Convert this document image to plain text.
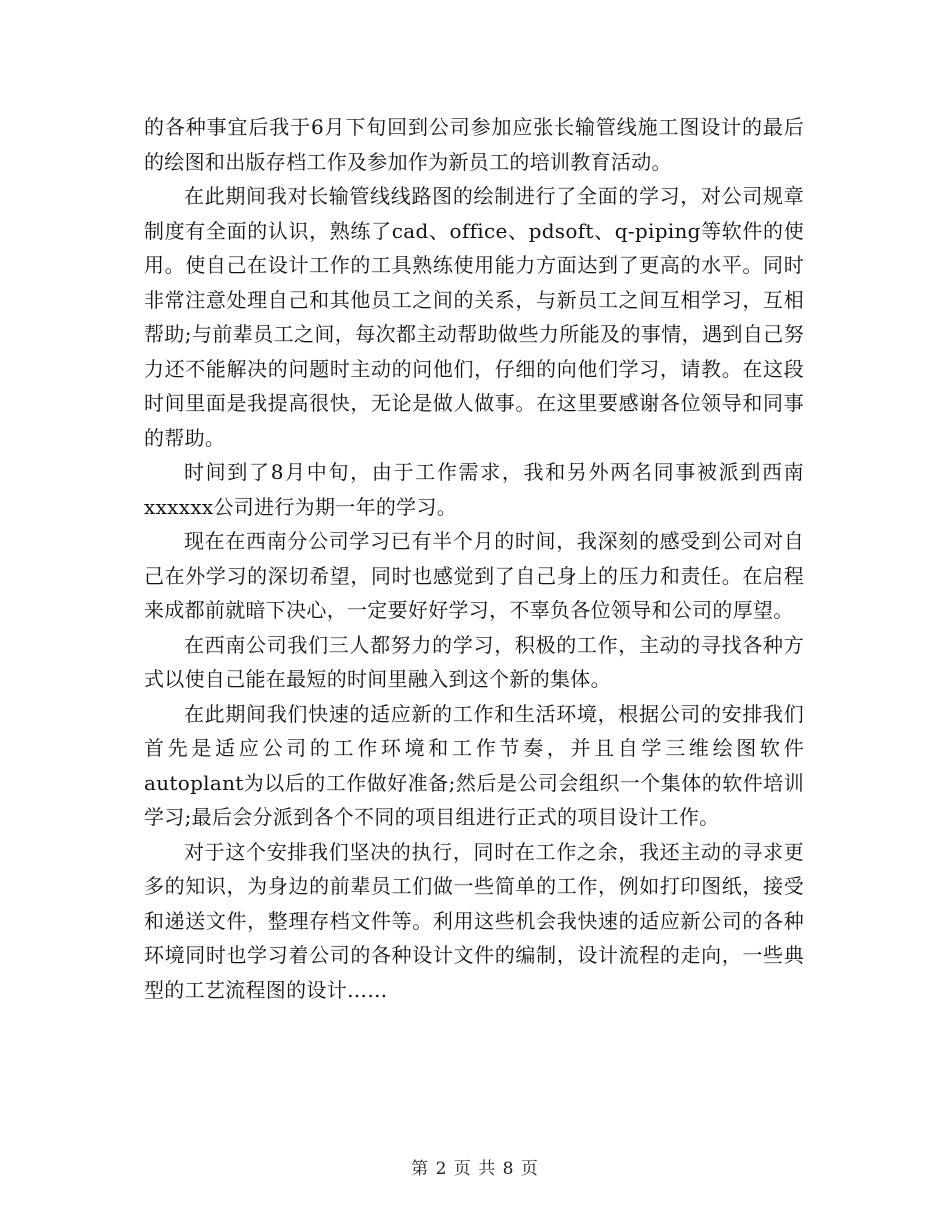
的各种事宜后我于6月下旬回到公司参加应张长输管线施工图设计的最后的绘图和出版存档工作及参加作为新员工的培训教育活动。

在此期间我对长输管线线路图的绘制进行了全面的学习，对公司规章制度有全面的认识，熟练了cad、office、pdsoft、q-piping等软件的使用。使自己在设计工作的工具熟练使用能力方面达到了更高的水平。同时非常注意处理自己和其他员工之间的关系，与新员工之间互相学习，互相帮助;与前辈员工之间，每次都主动帮助做些力所能及的事情，遇到自己努力还不能解决的问题时主动的问他们，仔细的向他们学习，请教。在这段时间里面是我提高很快，无论是做人做事。在这里要感谢各位领导和同事的帮助。

时间到了8月中旬，由于工作需求，我和另外两名同事被派到西南xxxxxx公司进行为期一年的学习。

现在在西南分公司学习已有半个月的时间，我深刻的感受到公司对自己在外学习的深切希望，同时也感觉到了自己身上的压力和责任。在启程来成都前就暗下决心，一定要好好学习，不辜负各位领导和公司的厚望。

在西南公司我们三人都努力的学习，积极的工作，主动的寻找各种方式以使自己能在最短的时间里融入到这个新的集体。

在此期间我们快速的适应新的工作和生活环境，根据公司的安排我们首先是适应公司的工作环境和工作节奏，并且自学三维绘图软件autoplant为以后的工作做好准备;然后是公司会组织一个集体的软件培训学习;最后会分派到各个不同的项目组进行正式的项目设计工作。

对于这个安排我们坚决的执行，同时在工作之余，我还主动的寻求更多的知识，为身边的前辈员工们做一些简单的工作，例如打印图纸，接受和递送文件，整理存档文件等。利用这些机会我快速的适应新公司的各种环境同时也学习着公司的各种设计文件的编制，设计流程的走向，一些典型的工艺流程图的设计……

第 2 页 共 8 页
